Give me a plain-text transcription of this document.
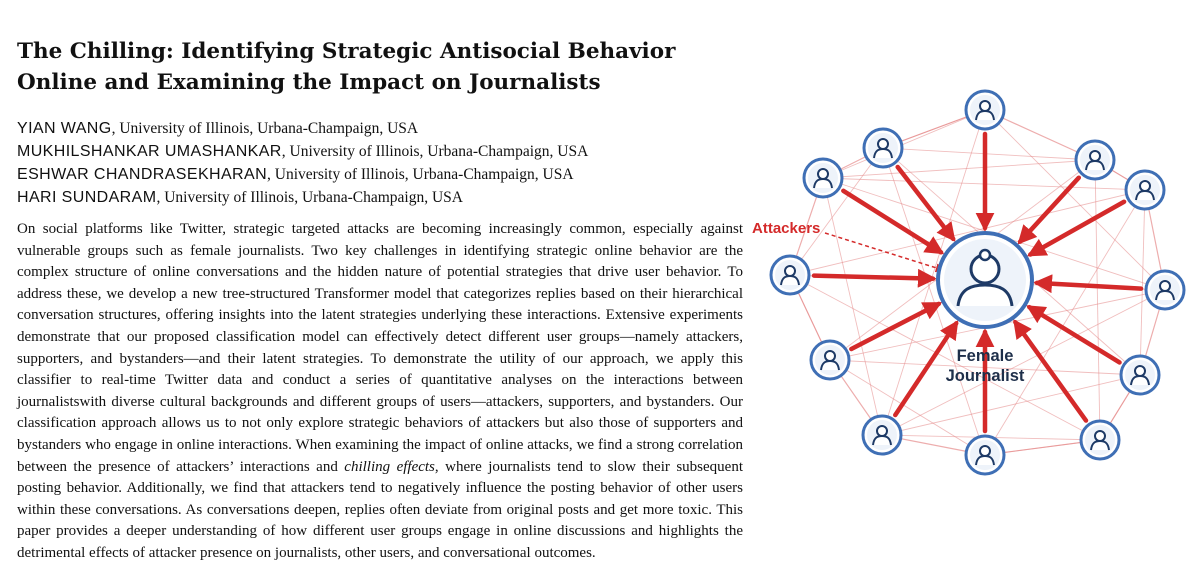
The Chilling: Identifying Strategic Antisocial Behavior Online and Examining the Impact on Journalists
YIAN WANG, University of Illinois, Urbana-Champaign, USA
MUKHILSHANKAR UMASHANKAR, University of Illinois, Urbana-Champaign, USA
ESHWAR CHANDRASEKHARAN, University of Illinois, Urbana-Champaign, USA
HARI SUNDARAM, University of Illinois, Urbana-Champaign, USA
On social platforms like Twitter, strategic targeted attacks are becoming increasingly common, especially against vulnerable groups such as female journalists. Two key challenges in identifying strategic online behavior are the complex structure of online conversations and the hidden nature of potential strategies that drive user behavior. To address these, we develop a new tree-structured Transformer model that categorizes replies based on their hierarchical conversation structures, offering insights into the latent strategies underlying these interactions. Extensive experiments demonstrate that our proposed classification model can effectively detect different user groups—namely attackers, supporters, and bystanders—and their latent strategies. To demonstrate the utility of our approach, we apply this classifier to real-time Twitter data and conduct a series of quantitative analyses on the interactions between journalistswith diverse cultural backgrounds and different groups of users—attackers, supporters, and bystanders. Our classification approach allows us to not only explore strategic behaviors of attackers but also those of supporters and bystanders who engage in online interactions. When examining the impact of online attacks, we find a strong correlation between the presence of attackers’ interactions and chilling effects, where journalists tend to slow their subsequent posting behavior. Additionally, we find that attackers tend to negatively influence the posting behavior of other users within these conversations. As conversations deepen, replies often deviate from original posts and get more toxic. This paper provides a deeper understanding of how different user groups engage in online discussions and highlights the detrimental effects of attacker presence on journalists, other users, and conversational outcomes.
Attackers
Female
Journalist
